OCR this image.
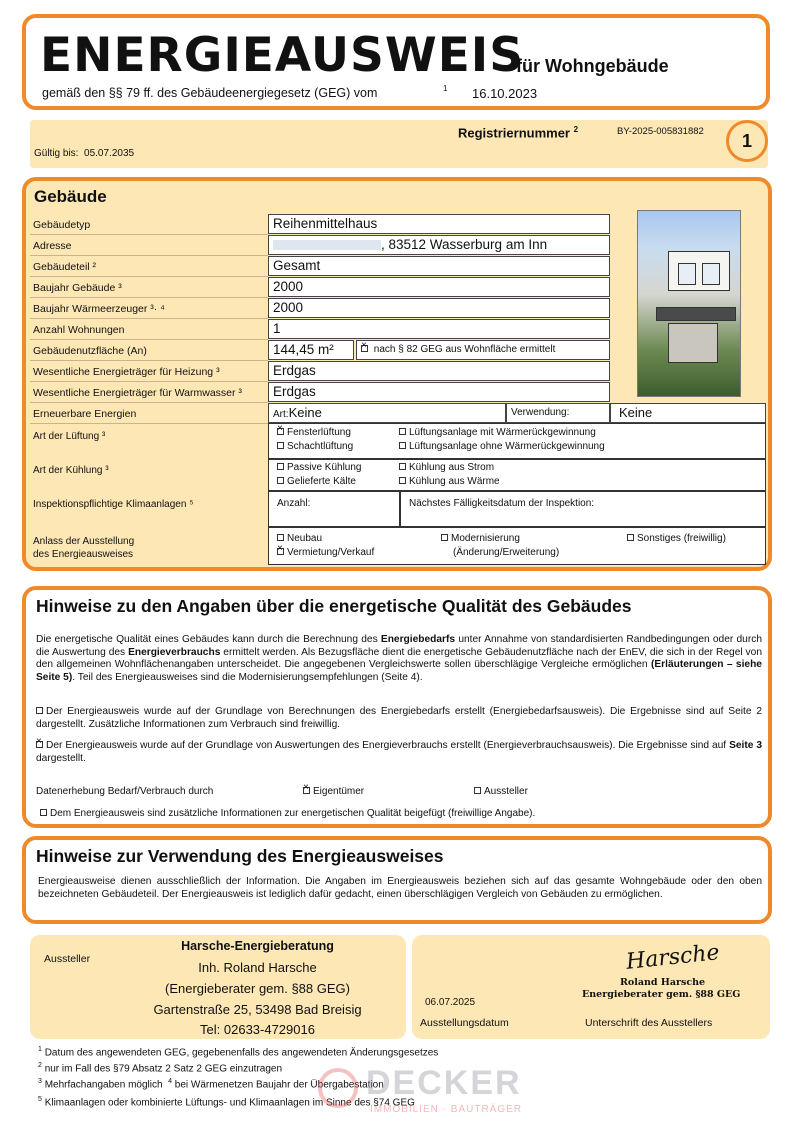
ENERGIEAUSWEIS
für Wohngebäude
gemäß den §§ 79 ff. des Gebäudeenergiegesetz (GEG) vom	1 16.10.2023
Registriernummer $^2$	BY-2025-005831882
Gültig bis: 05.07.2035
1
Gebäude
Gebäudetyp	Reihenmittelhaus
Adresse	, 83512 Wasserburg am Inn
Gebäudeteil ²	Gesamt
Baujahr Gebäude ³	2000
Baujahr Wärmeerzeuger ³· ⁴	2000
Anzahl Wohnungen	1
Gebäudenutzfläche (An)	144,45 m² ×	nach § 82 GEG aus Wohnfläche ermittelt
Wesentliche Energieträger für Heizung ³	Erdgas
Wesentliche Energieträger für Warmwasser ³	Erdgas
Erneuerbare Energien	Art:Keine	Verwendung:	Keine
Art der Lüftung ³ ×	Fensterlüftung
Schachtlüftung
Lüftungsanlage mit Wärmerückgewinnung
Lüftungsanlage ohne Wärmerückgewinnung
Art der Kühlung ³	Passive Kühlung
Gelieferte Kälte
Kühlung aus Strom
Kühlung aus Wärme
Inspektionspflichtige Klimaanlagen ⁵	Anzahl:	Nächstes Fälligkeitsdatum der Inspektion:
Anlass der Ausstellung
des Energieausweises
Neubau
×Vermietung/Verkauf
Modernisierung
(Änderung/Erweiterung)
Sonstiges (freiwillig)
Hinweise zu den Angaben über die energetische Qualität des Gebäudes
Die energetische Qualität eines Gebäudes kann durch die Berechnung des Energiebedarfs unter Annahme von standardisierten Randbedingungen oder durch die Auswertung des Energieverbrauchs ermittelt werden. Als Bezugsfläche dient die energetische Gebäudenutzfläche nach der EnEV, die sich in der Regel von den allgemeinen Wohnflächenangaben unterscheidet. Die angegebenen Vergleichswerte sollen überschlägige Vergleiche ermöglichen (Erläuterungen – siehe Seite 5). Teil des Energieausweises sind die Modernisierungsempfehlungen (Seite 4).
Der Energieausweis wurde auf der Grundlage von Berechnungen des Energiebedarfs erstellt (Energiebedarfsausweis). Die Ergebnisse sind auf Seite 2 dargestellt. Zusätzliche Informationen zum Verbrauch sind freiwillig.
×Der Energieausweis wurde auf der Grundlage von Auswertungen des Energieverbrauchs erstellt (Energieverbrauchsausweis). Die Ergebnisse sind auf Seite 3 dargestellt.
Datenerhebung Bedarf/Verbrauch durch ×	Eigentümer	Aussteller
Dem Energieausweis sind zusätzliche Informationen zur energetischen Qualität beigefügt (freiwillige Angabe).
Hinweise zur Verwendung des Energieausweises
Energieausweise dienen ausschließlich der Information. Die Angaben im Energieausweis beziehen sich auf das gesamte Wohngebäude oder den oben bezeichneten Gebäudeteil. Der Energieausweis ist lediglich dafür gedacht, einen überschlägigen Vergleich von Gebäuden zu ermöglichen.
Aussteller
Harsche-Energieberatung
Inh. Roland Harsche
(Energieberater gem. §88 GEG)
Gartenstraße 25, 53498 Bad Breisig
Tel: 02633-4729016
Harsche
Roland Harsche
Energieberater gem. §88 GEG
06.07.2025
Ausstellungsdatum	Unterschrift des Ausstellers
$^1$ Datum des angewendeten GEG, gegebenenfalls des angewendeten Änderungsgesetzes
$^2$ nur im Fall des §79 Absatz 2 Satz 2 GEG einzutragen
$^3$ Mehrfachangaben möglich $^4$ bei Wärmenetzen Baujahr der Übergabestation
$^5$ Klimaanlagen oder kombinierte Lüftungs- und Klimaanlagen im Sinne des §74 GEG
DECKER
IMMOBILIEN · BAUTRÄGER
